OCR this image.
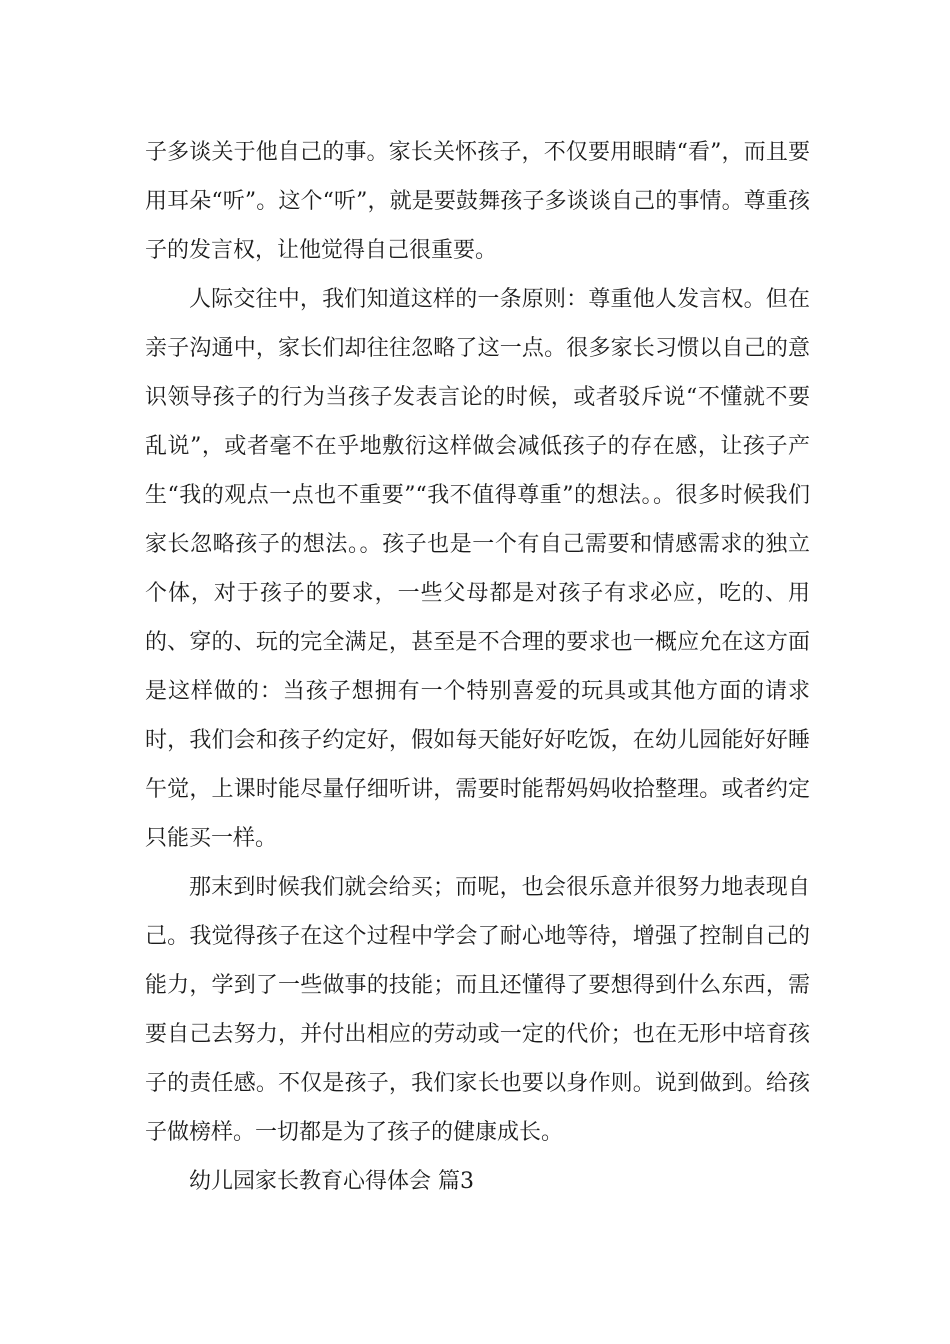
子多谈关于他自己的事。家长关怀孩子，不仅要用眼睛“看”，而且要用耳朵“听”。这个“听”，就是要鼓舞孩子多谈谈自己的事情。尊重孩子的发言权，让他觉得自己很重要。

人际交往中，我们知道这样的一条原则：尊重他人发言权。但在亲子沟通中，家长们却往往忽略了这一点。很多家长习惯以自己的意识领导孩子的行为当孩子发表言论的时候，或者驳斥说“不懂就不要乱说”，或者毫不在乎地敷衍这样做会减低孩子的存在感，让孩子产生“我的观点一点也不重要”“我不值得尊重”的想法。。很多时候我们家长忽略孩子的想法。。孩子也是一个有自己需要和情感需求的独立个体，对于孩子的要求，一些父母都是对孩子有求必应，吃的、用的、穿的、玩的完全满足，甚至是不合理的要求也一概应允在这方面是这样做的：当孩子想拥有一个特别喜爱的玩具或其他方面的请求时，我们会和孩子约定好，假如每天能好好吃饭，在幼儿园能好好睡午觉，上课时能尽量仔细听讲，需要时能帮妈妈收拾整理。或者约定只能买一样。

那末到时候我们就会给买；而呢，也会很乐意并很努力地表现自己。我觉得孩子在这个过程中学会了耐心地等待，增强了控制自己的能力，学到了一些做事的技能；而且还懂得了要想得到什么东西，需要自己去努力，并付出相应的劳动或一定的代价；也在无形中培育孩子的责任感。不仅是孩子，我们家长也要以身作则。说到做到。给孩子做榜样。一切都是为了孩子的健康成长。

幼儿园家长教育心得体会 篇3
